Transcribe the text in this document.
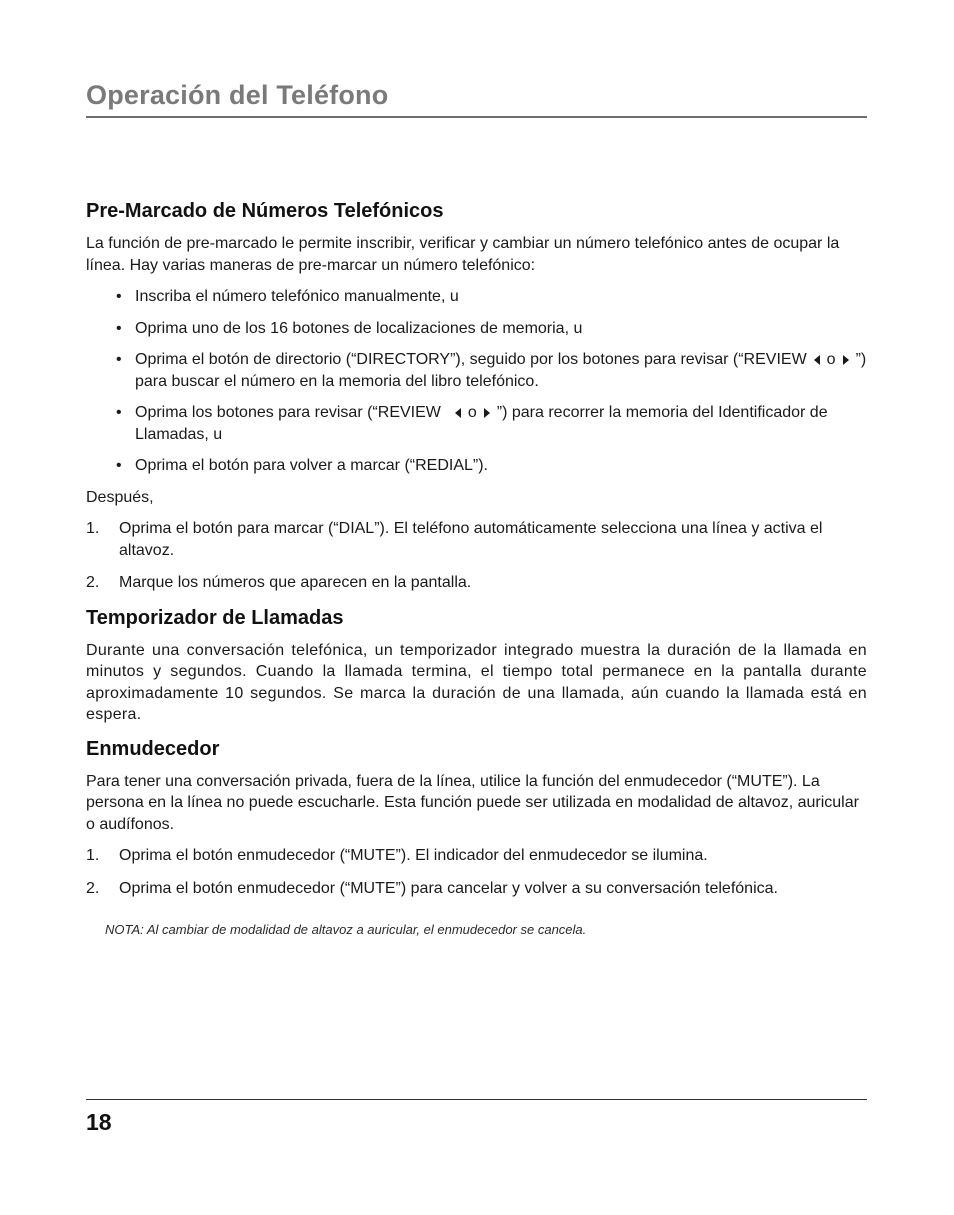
Operación del Teléfono
Pre-Marcado de Números Telefónicos

La función de pre-marcado le permite inscribir, verificar y cambiar un número telefónico antes de ocupar la línea. Hay varias maneras de pre-marcar un número telefónico:

• Inscriba el número telefónico manualmente, u
• Oprima uno de los 16 botones de localizaciones de memoria, u
• Oprima el botón de directorio (“DIRECTORY”), seguido por los botones para revisar (“REVIEW o ”) para buscar el número en la memoria del libro telefónico.
• Oprima los botones para revisar (“REVIEW o ”) para recorrer la memoria del Identificador de Llamadas, u
• Oprima el botón para volver a marcar (“REDIAL”).

Después,

1. Oprima el botón para marcar (“DIAL”). El teléfono automáticamente selecciona una línea y activa el altavoz.
2. Marque los números que aparecen en la pantalla.
Temporizador de Llamadas

Durante una conversación telefónica, un temporizador integrado muestra la duración de la llamada en minutos y segundos. Cuando la llamada termina, el tiempo total permanece en la pantalla durante aproximadamente 10 segundos. Se marca la duración de una llamada, aún cuando la llamada está en espera.

Enmudecedor

Para tener una conversación privada, fuera de la línea, utilice la función del enmudecedor (“MUTE”). La persona en la línea no puede escucharle. Esta función puede ser utilizada en modalidad de altavoz, auricular o audífonos.

1. Oprima el botón enmudecedor (“MUTE”). El indicador del enmudecedor se ilumina.
2. Oprima el botón enmudecedor (“MUTE”) para cancelar y volver a su conversación telefónica.
NOTA: Al cambiar de modalidad de altavoz a auricular, el enmudecedor se cancela.
18
